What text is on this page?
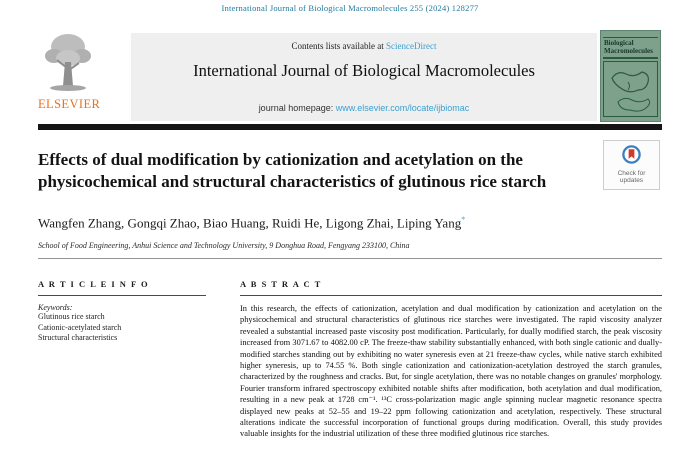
International Journal of Biological Macromolecules 255 (2024) 128277
ELSEVIER
Contents lists available at ScienceDirect
International Journal of Biological Macromolecules
journal homepage: www.elsevier.com/locate/ijbiomac
Biological
Macromolecules
Check for
updates
Effects of dual modification by cationization and acetylation on the physicochemical and structural characteristics of glutinous rice starch
Wangfen Zhang, Gongqi Zhao, Biao Huang, Ruidi He, Ligong Zhai, Liping Yang*
School of Food Engineering, Anhui Science and Technology University, 9 Donghua Road, Fengyang 233100, China
A R T I C L E I N F O
Keywords:
Glutinous rice starch
Cationic-acetylated starch
Structural characteristics
A B S T R A C T
In this research, the effects of cationization, acetylation and dual modification by cationization and acetylation on the physicochemical and structural characteristics of glutinous rice starches were investigated. The rapid viscosity analyzer revealed a substantial increased paste viscosity post modification. Particularly, for dually modified starch, the peak viscosity increased from 3071.67 to 4082.00 cP. The freeze-thaw stability substantially enhanced, with both single cationic and dually-modified starches standing out by exhibiting no water syneresis even at 21 freeze-thaw cycles, while native starch exhibited higher syneresis, up to 74.55 %. Both single cationization and cationization-acetylation destroyed the starch granules, characterized by the roughness and cracks. But, for single acetylation, there was no notable changes on granules' morphology. Fourier transform infrared spectroscopy exhibited notable shifts after modification, both acetylation and dual modification, resulting in a new peak at 1728 cm⁻¹. ¹³C cross-polarization magic angle spinning nuclear magnetic resonance spectra displayed new peaks at 52–55 and 19–22 ppm following cationization and acetylation, respectively. These structural alterations indicate the successful incorporation of functional groups during modification. Overall, this study provides valuable insights for the industrial utilization of these three modified glutinous rice starches.
